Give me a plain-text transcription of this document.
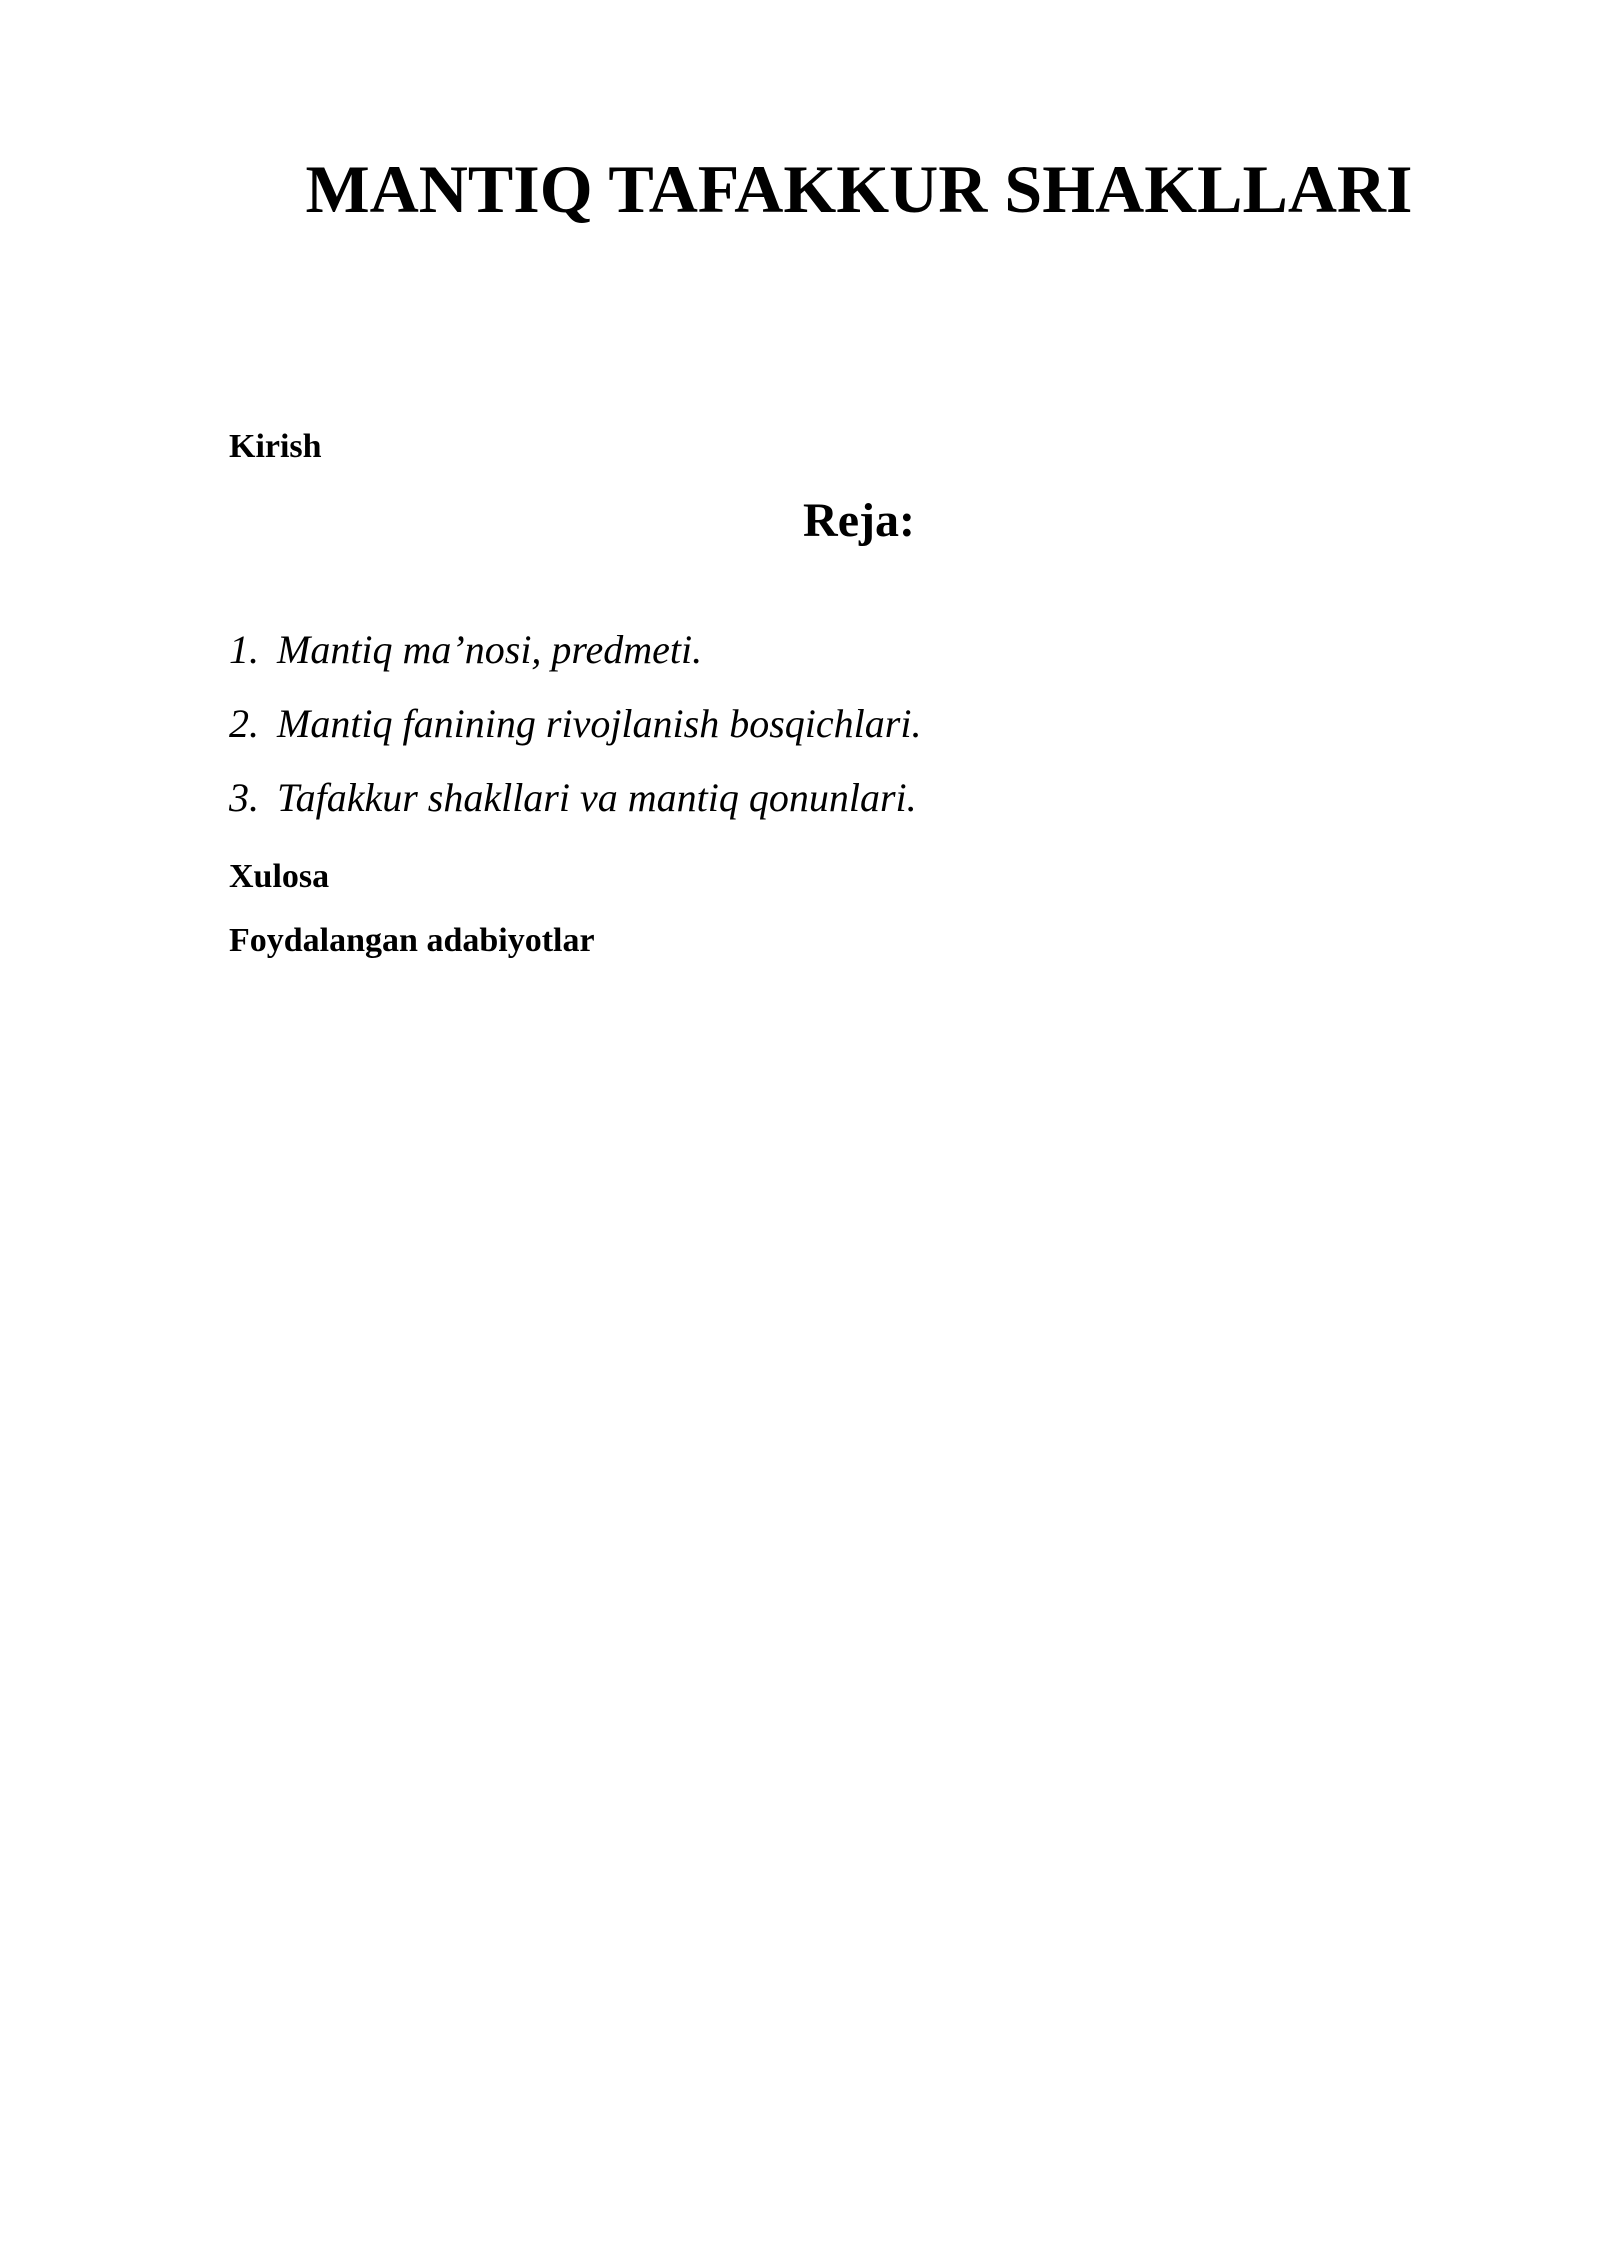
MANTIQ TAFAKKUR SHAKLLARI

Kirish

Reja:
1. Mantiq ma’nosi, predmeti.
2. Mantiq fanining rivojlanish bosqichlari.
3. Tafakkur shakllari va mantiq qonunlari.

Xulosa

Foydalangan adabiyotlar
